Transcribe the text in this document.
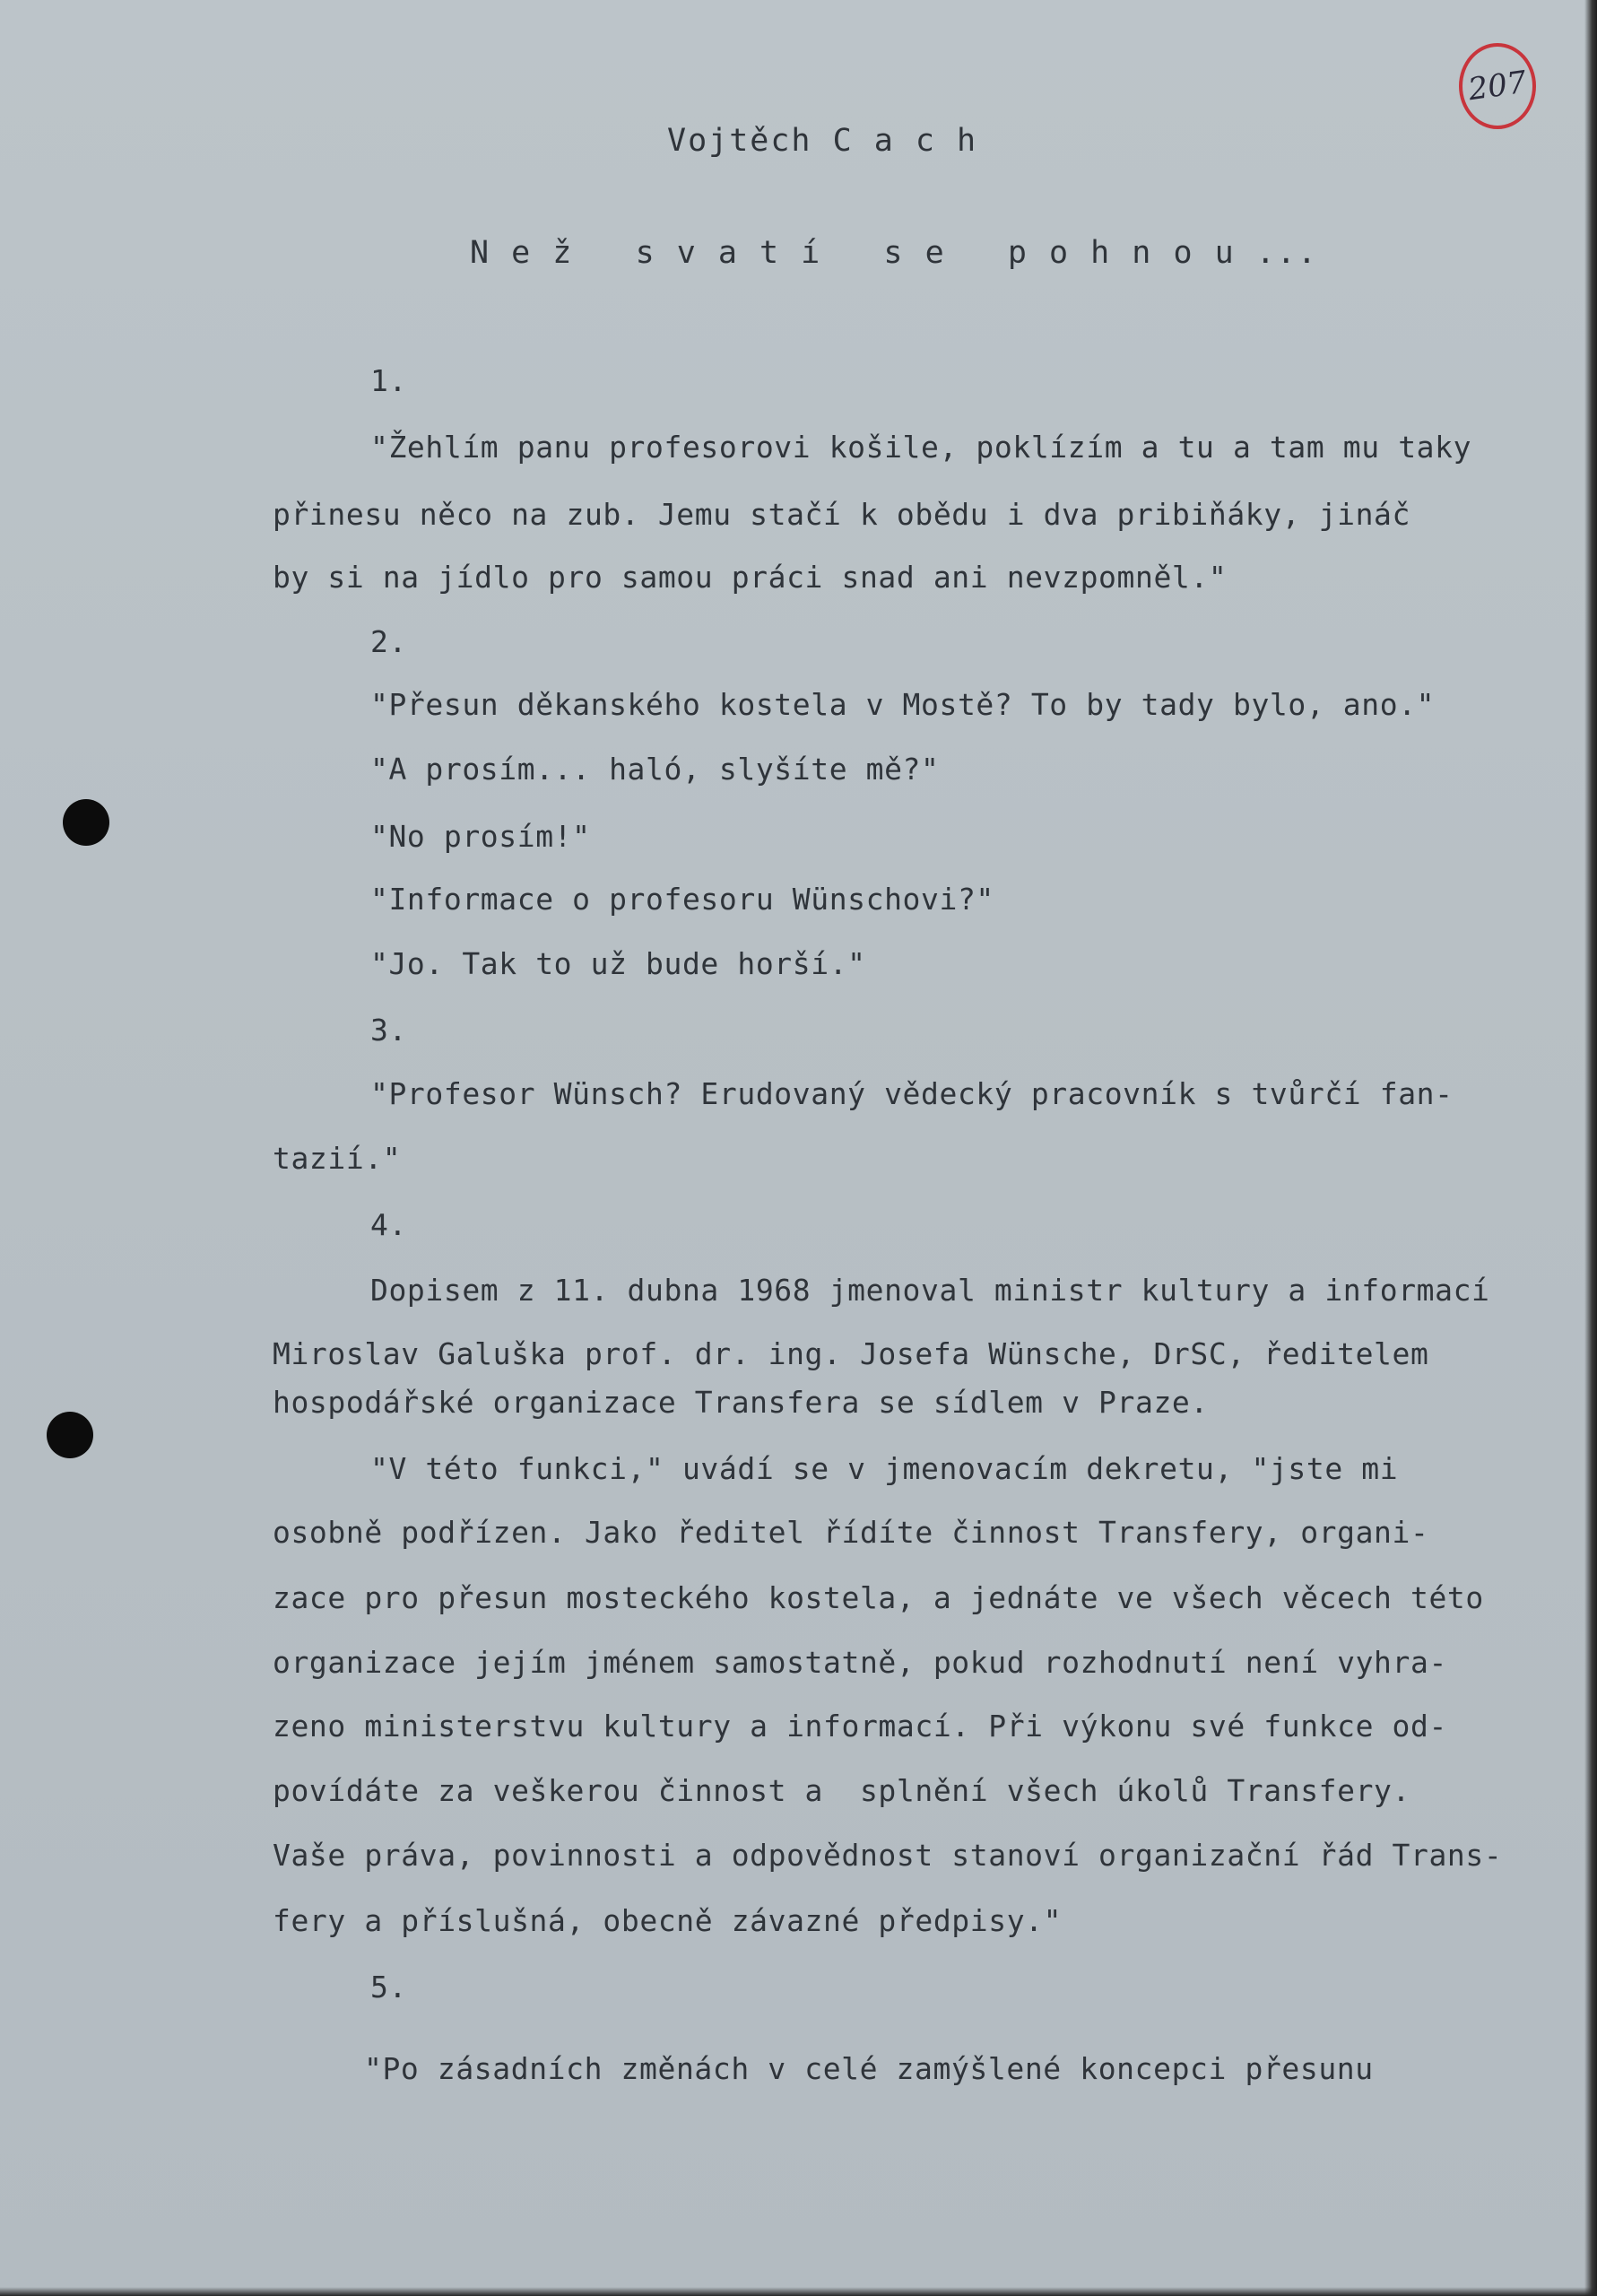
207
Vojtěch C a c h
N e ž   s v a t í   s e   p o h n o u ...
1.
"Žehlím panu profesorovi košile, poklízím a tu a tam mu taky
přinesu něco na zub. Jemu stačí k obědu i dva pribiňáky, jináč
by si na jídlo pro samou práci snad ani nevzpomněl."
2.
"Přesun děkanského kostela v Mostě? To by tady bylo, ano."
"A prosím... haló, slyšíte mě?"
"No prosím!"
"Informace o profesoru Wünschovi?"
"Jo. Tak to už bude horší."
3.
"Profesor Wünsch? Erudovaný vědecký pracovník s tvůrčí fan-
tazií."
4.
Dopisem z 11. dubna 1968 jmenoval ministr kultury a informací
Miroslav Galuška prof. dr. ing. Josefa Wünsche, DrSC, ředitelem
hospodářské organizace Transfera se sídlem v Praze.
"V této funkci," uvádí se v jmenovacím dekretu, "jste mi
osobně podřízen. Jako ředitel řídíte činnost Transfery, organi-
zace pro přesun mosteckého kostela, a jednáte ve všech věcech této
organizace jejím jménem samostatně, pokud rozhodnutí není vyhra-
zeno ministerstvu kultury a informací. Při výkonu své funkce od-
povídáte za veškerou činnost a  splnění všech úkolů Transfery.
Vaše práva, povinnosti a odpovědnost stanoví organizační řád Trans-
fery a příslušná, obecně závazné předpisy."
5.
"Po zásadních změnách v celé zamýšlené koncepci přesunu
